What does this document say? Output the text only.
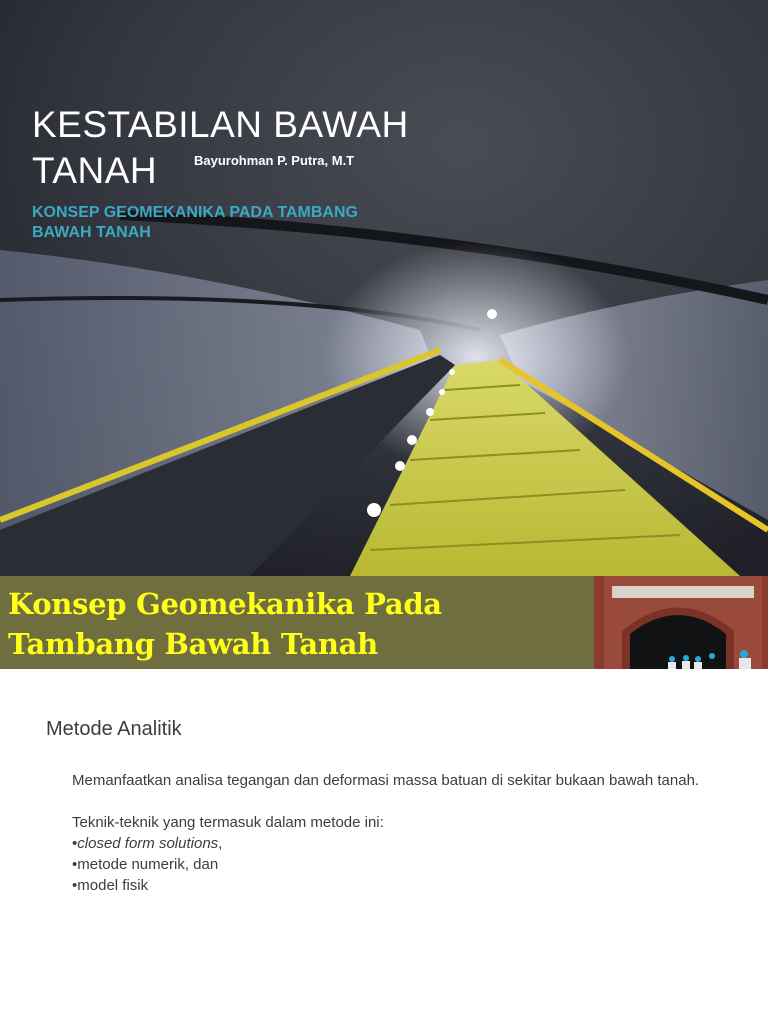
KESTABILAN BAWAH TANAH	Bayurohman P. Putra, M.T
KONSEP GEOMEKANIKA PADA TAMBANG BAWAH TANAH
Konsep Geomekanika Pada Tambang Bawah Tanah
Metode Analitik

Memanfaatkan analisa tegangan dan deformasi massa batuan di sekitar bukaan bawah tanah.

Teknik-teknik yang termasuk dalam metode ini:

•closed form solutions,
•metode numerik, dan
•model fisik
